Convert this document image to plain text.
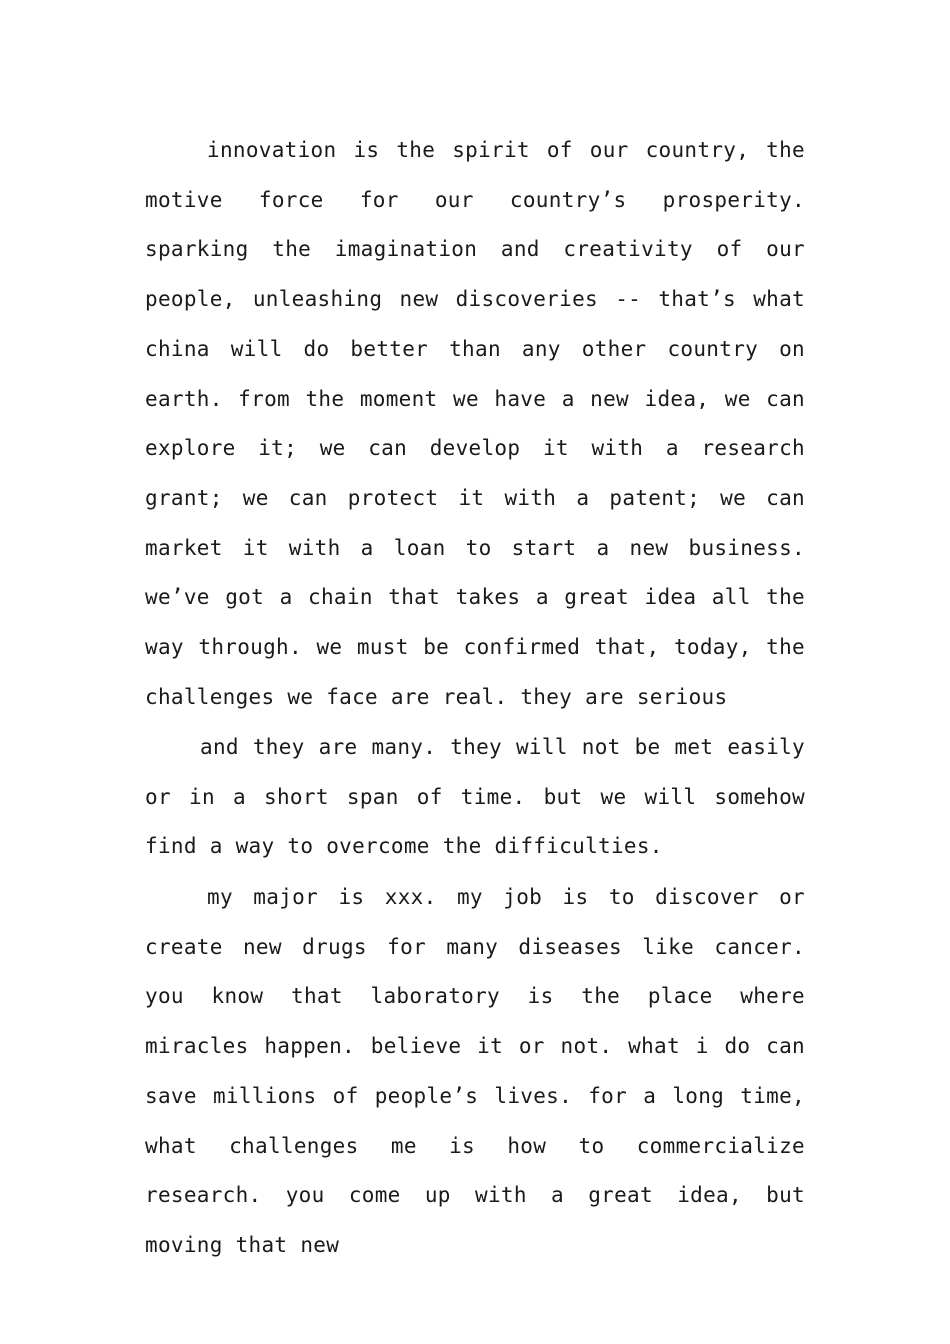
innovation is the spirit of our country, the motive force for our country’s prosperity. sparking the imagination and creativity of our people, unleashing new discoveries -- that’s what china will do better than any other country on earth. from the moment we have a new idea, we can explore it; we can develop it with a research grant; we can protect it with a patent; we can market it with a loan to start a new business. we’ve got a chain that takes a great idea all the way through. we must be confirmed that, today, the challenges we face are real. they are serious

and they are many. they will not be met easily or in a short span of time. but we will somehow find a way to overcome the difficulties.

my major is xxx. my job is to discover or create new drugs for many diseases like cancer. you know that laboratory is the place where miracles happen. believe it or not. what i do can save millions of people’s lives. for a long time, what challenges me is how to commercialize research. you come up with a great idea, but moving that new
